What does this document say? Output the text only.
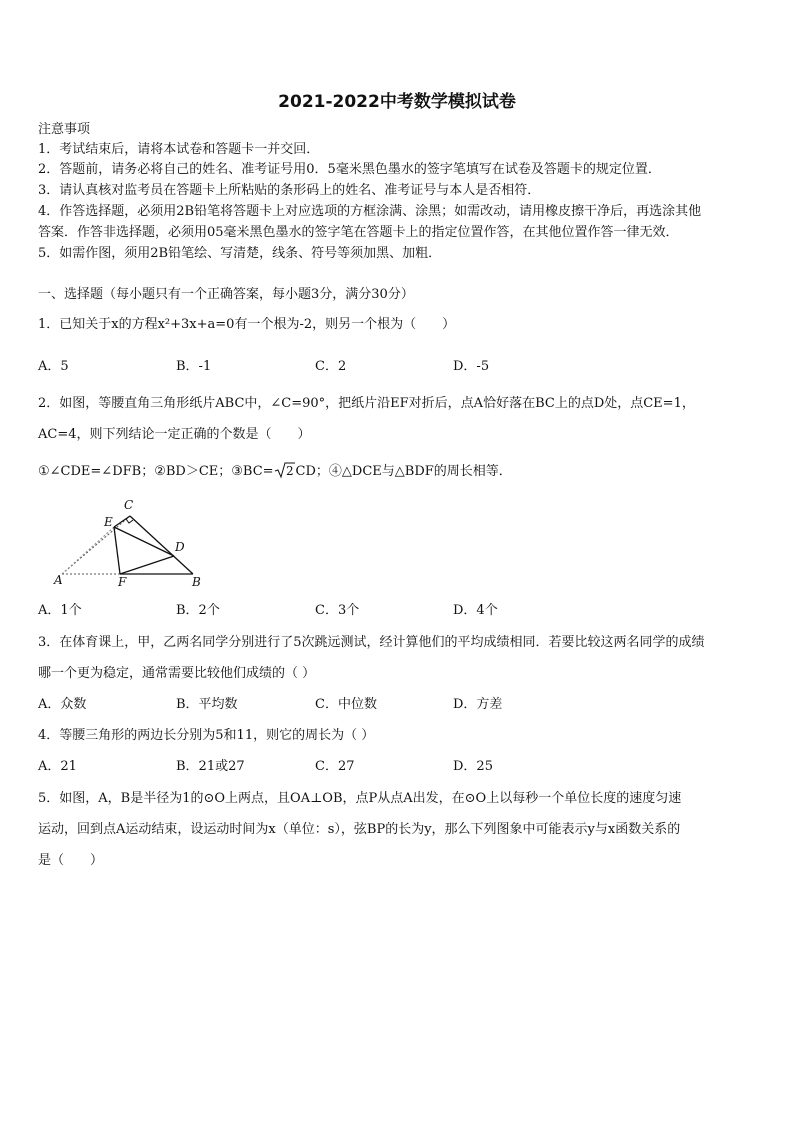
2021-2022中考数学模拟试卷
注意事项
1．考试结束后，请将本试卷和答题卡一并交回．
2．答题前，请务必将自己的姓名、准考证号用0．5毫米黑色墨水的签字笔填写在试卷及答题卡的规定位置．
3．请认真核对监考员在答题卡上所粘贴的条形码上的姓名、准考证号与本人是否相符．
4．作答选择题，必须用2B铅笔将答题卡上对应选项的方框涂满、涂黑；如需改动，请用橡皮擦干净后，再选涂其他
答案．作答非选择题，必须用05毫米黑色墨水的签字笔在答题卡上的指定位置作答，在其他位置作答一律无效．
5．如需作图，须用2B铅笔绘、写清楚，线条、符号等须加黑、加粗．
一、选择题（每小题只有一个正确答案，每小题3分，满分30分）
1．已知关于x的方程x²+3x+a=0有一个根为-2，则另一个根为（　　）
A．5	B．-1	C．2	D．-5
2．如图，等腰直角三角形纸片ABC中，∠C=90°，把纸片沿EF对折后，点A恰好落在BC上的点D处，点CE=1，
AC=4，则下列结论一定正确的个数是（　　）
①∠CDE=∠DFB；②BD＞CE；③BC= 2 CD；④△DCE与△BDF的周长相等．
C
E
D
A	F	B
A．1个	B．2个	C．3个	D．4个
3．在体育课上，甲，乙两名同学分别进行了5次跳远测试，经计算他们的平均成绩相同．若要比较这两名同学的成绩
哪一个更为稳定，通常需要比较他们成绩的（ ）
A．众数	B．平均数	C．中位数	D．方差
4．等腰三角形的两边长分别为5和11，则它的周长为（ ）
A．21	B．21或27	C．27	D．25
5．如图，A，B是半径为1的⊙O上两点，且OA⊥OB，点P从点A出发，在⊙O上以每秒一个单位长度的速度匀速
运动，回到点A运动结束，设运动时间为x（单位：s），弦BP的长为y，那么下列图象中可能表示y与x函数关系的
是（　　）
